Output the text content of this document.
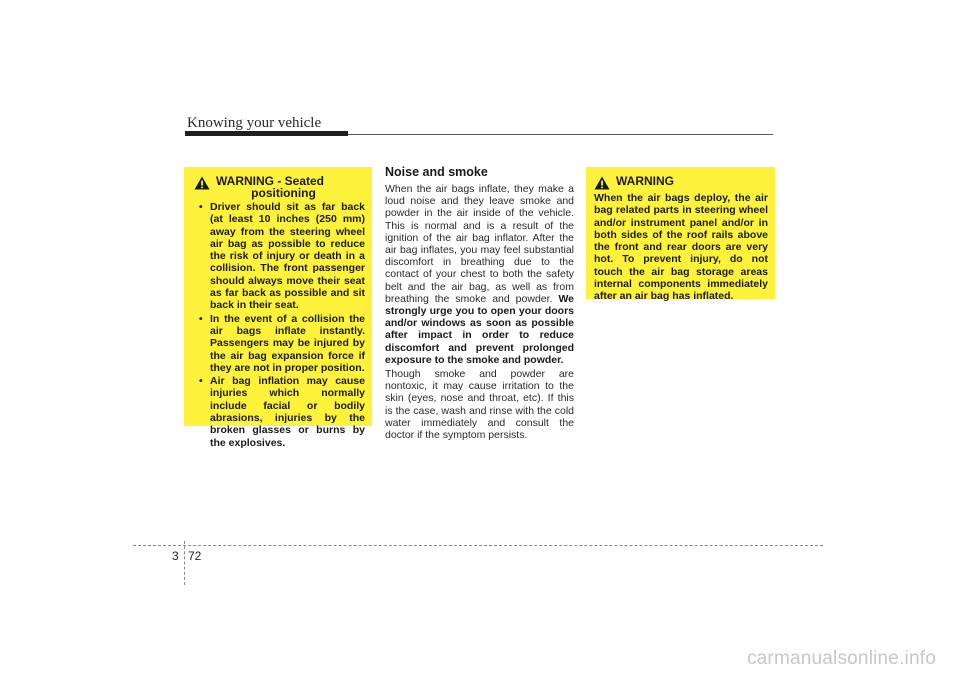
Knowing your vehicle
WARNING - Seated
positioning
• Driver should sit as far back (at least 10 inches (250 mm) away from the steering wheel air bag as possible to reduce the risk of injury or death in a collision. The front passenger should always move their seat as far back as possible and sit back in their seat.
• In the event of a collision the air bags inflate instantly. Passengers may be injured by the air bag expansion force if they are not in proper position.
• Air bag inflation may cause injuries which normally include facial or bodily abrasions, injuries by the broken glasses or burns by the explosives.
Noise and smoke

When the air bags inflate, they make a loud noise and they leave smoke and powder in the air inside of the vehicle. This is normal and is a result of the ignition of the air bag inflator. After the air bag inflates, you may feel substantial discomfort in breathing due to the contact of your chest to both the safety belt and the air bag, as well as from breathing the smoke and powder. We strongly urge you to open your doors and/or windows as soon as possible after impact in order to reduce discomfort and prevent prolonged exposure to the smoke and powder.

Though smoke and powder are nontoxic, it may cause irritation to the skin (eyes, nose and throat, etc). If this is the case, wash and rinse with the cold water immediately and consult the doctor if the symptom persists.

WARNING
When the air bags deploy, the air bag related parts in steering wheel and/or instrument panel and/or in both sides of the roof rails above the front and rear doors are very hot. To prevent injury, do not touch the air bag storage areas internal components immediately after an air bag has inflated.
3 72
carmanualsonline.info
